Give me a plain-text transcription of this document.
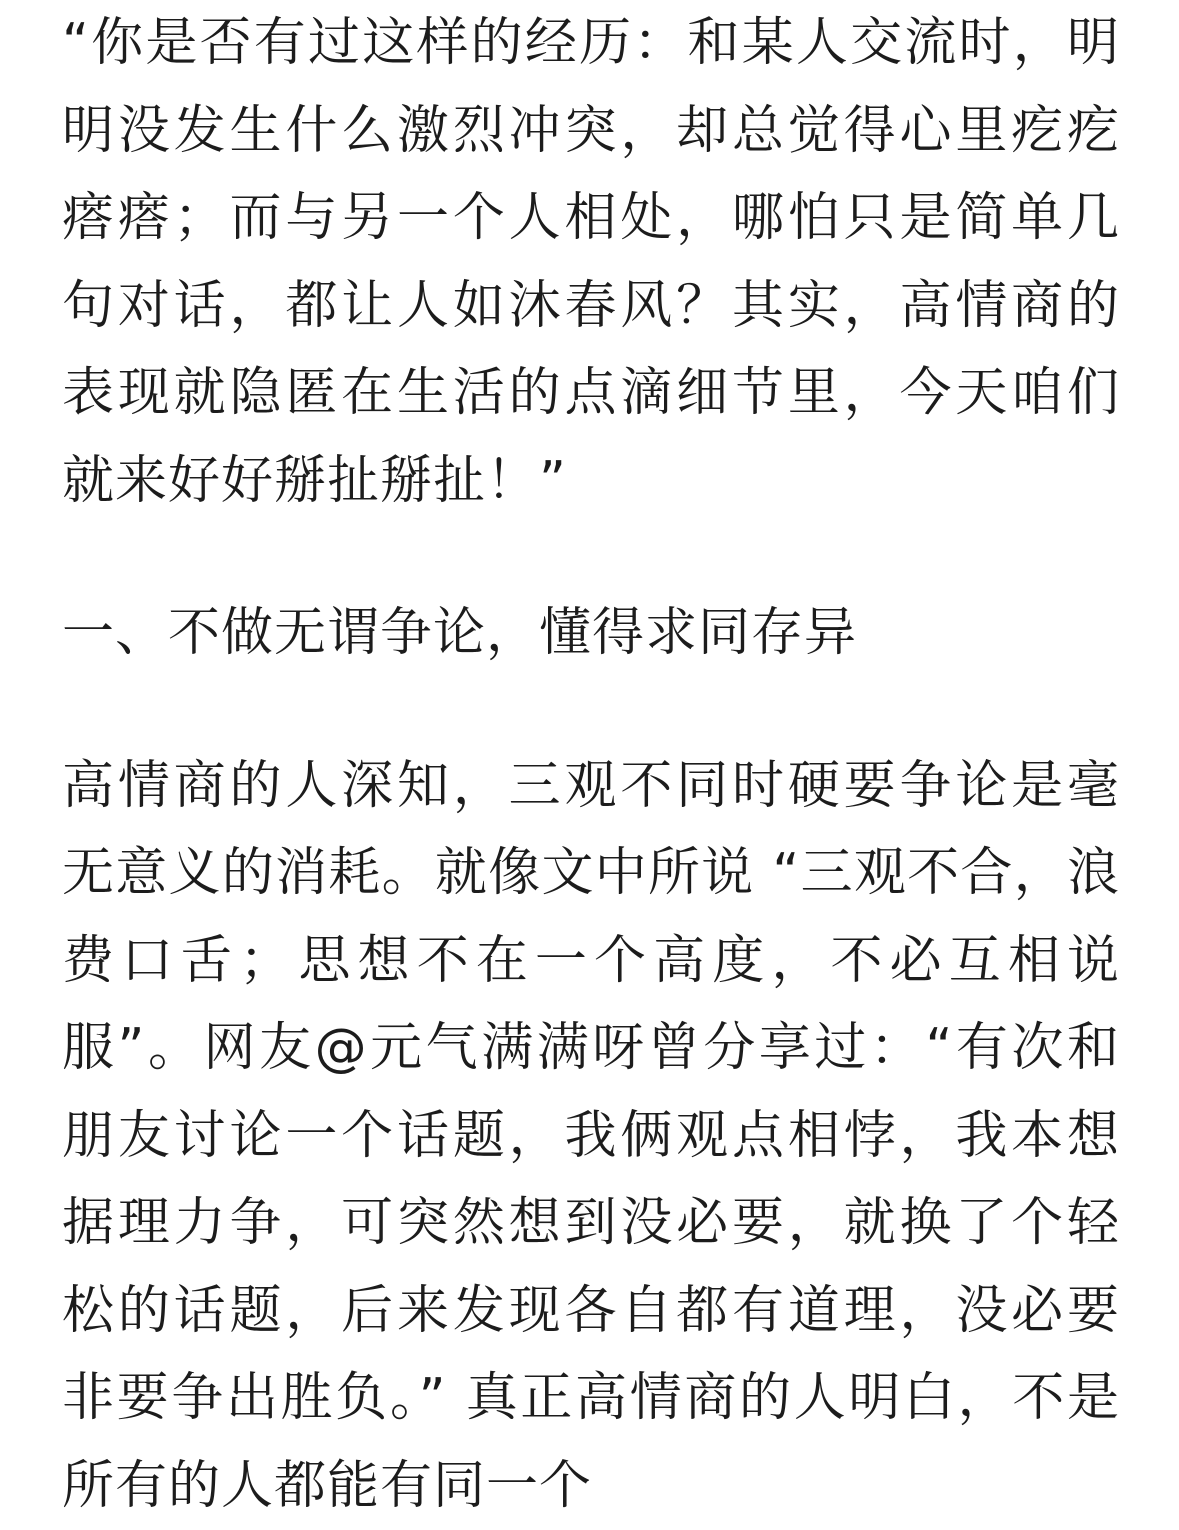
“你是否有过这样的经历：和某人交流时，明明没发生什么激烈冲突，却总觉得心里疙疙瘩瘩；而与另一个人相处，哪怕只是简单几句对话，都让人如沐春风？其实，高情商的表现就隐匿在生活的点滴细节里，今天咱们就来好好掰扯掰扯！”

一、不做无谓争论，懂得求同存异

高情商的人深知，三观不同时硬要争论是毫无意义的消耗。就像文中所说 “三观不合，浪费口舌；思想不在一个高度，不必互相说服”。网友@元气满满呀曾分享过：“有次和朋友讨论一个话题，我俩观点相悖，我本想据理力争，可突然想到没必要，就换了个轻松的话题，后来发现各自都有道理，没必要非要争出胜负。” 真正高情商的人明白，不是所有的人都能有同一个
